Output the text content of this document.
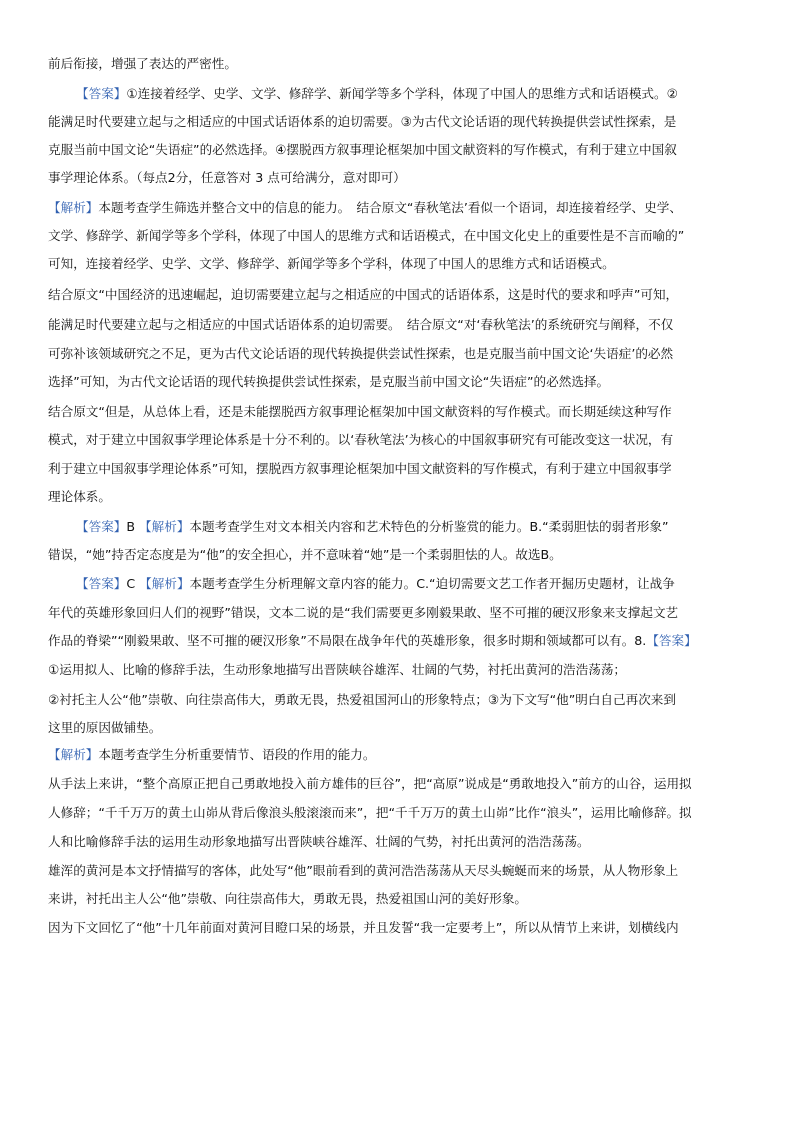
前后衔接，增强了表达的严密性。
【答案】①连接着经学、史学、文学、修辞学、新闻学等多个学科，体现了中国人的思维方式和话语模式。②
能满足时代要建立起与之相适应的中国式话语体系的迫切需要。③为古代文论话语的现代转换提供尝试性探索，是
克服当前中国文论“失语症”的必然选择。④摆脱西方叙事理论框架加中国文献资料的写作模式，有利于建立中国叙
事学理论体系。（每点2分，任意答对 3 点可给满分，意对即可）
【解析】本题考查学生筛选并整合文中的信息的能力。　结合原文“春秋笔法’看似一个语词，却连接着经学、史学、
文学、修辞学、新闻学等多个学科，体现了中国人的思维方式和话语模式，在中国文化史上的重要性是不言而喻的”
可知，连接着经学、史学、文学、修辞学、新闻学等多个学科，体现了中国人的思维方式和话语模式。
结合原文“中国经济的迅速崛起，迫切需要建立起与之相适应的中国式的话语体系，这是时代的要求和呼声”可知，
能满足时代要建立起与之相适应的中国式话语体系的迫切需要。　结合原文“对‘春秋笔法’的系统研究与阐释，不仅
可弥补该领域研究之不足，更为古代文论话语的现代转换提供尝试性探索，也是克服当前中国文论‘失语症’的必然
选择”可知，为古代文论话语的现代转换提供尝试性探索，是克服当前中国文论“失语症”的必然选择。
结合原文“但是，从总体上看，还是未能摆脱西方叙事理论框架加中国文献资料的写作模式。而长期延续这种写作
模式，对于建立中国叙事学理论体系是十分不利的。以‘春秋笔法’为核心的中国叙事研究有可能改变这一状况，有
利于建立中国叙事学理论体系”可知，摆脱西方叙事理论框架加中国文献资料的写作模式，有利于建立中国叙事学
理论体系。
【答案】B 【解析】本题考查学生对文本相关内容和艺术特色的分析鉴赏的能力。B.“柔弱胆怯的弱者形象”
错误，“她”持否定态度是为“他”的安全担心，并不意味着“她”是一个柔弱胆怯的人。故选B。
【答案】C 【解析】本题考查学生分析理解文章内容的能力。C.“迫切需要文艺工作者开掘历史题材，让战争
年代的英雄形象回归人们的视野”错误，文本二说的是“我们需要更多刚毅果敢、坚不可摧的硬汉形象来支撑起文艺
作品的脊梁”“刚毅果敢、坚不可摧的硬汉形象”不局限在战争年代的英雄形象，很多时期和领域都可以有。8.【答案】
①运用拟人、比喻的修辞手法，生动形象地描写出晋陕峡谷雄浑、壮阔的气势，衬托出黄河的浩浩荡荡；
②衬托主人公“他”崇敬、向往崇高伟大，勇敢无畏，热爱祖国河山的形象特点；③为下文写“他”明白自己再次来到
这里的原因做铺垫。
【解析】本题考查学生分析重要情节、语段的作用的能力。
从手法上来讲，“整个高原正把自己勇敢地投入前方雄伟的巨谷”，把“高原”说成是“勇敢地投入”前方的山谷，运用拟
人修辞；“千千万万的黄土山峁从背后像浪头般滚滚而来”，把“千千万万的黄土山峁”比作“浪头”，运用比喻修辞。拟
人和比喻修辞手法的运用生动形象地描写出晋陕峡谷雄浑、壮阔的气势，衬托出黄河的浩浩荡荡。
雄浑的黄河是本文抒情描写的客体，此处写“他”眼前看到的黄河浩浩荡荡从天尽头蜿蜒而来的场景，从人物形象上
来讲，衬托出主人公“他”崇敬、向往崇高伟大，勇敢无畏，热爱祖国山河的美好形象。
因为下文回忆了“他”十几年前面对黄河目瞪口呆的场景，并且发誓“我一定要考上”，所以从情节上来讲，划横线内
